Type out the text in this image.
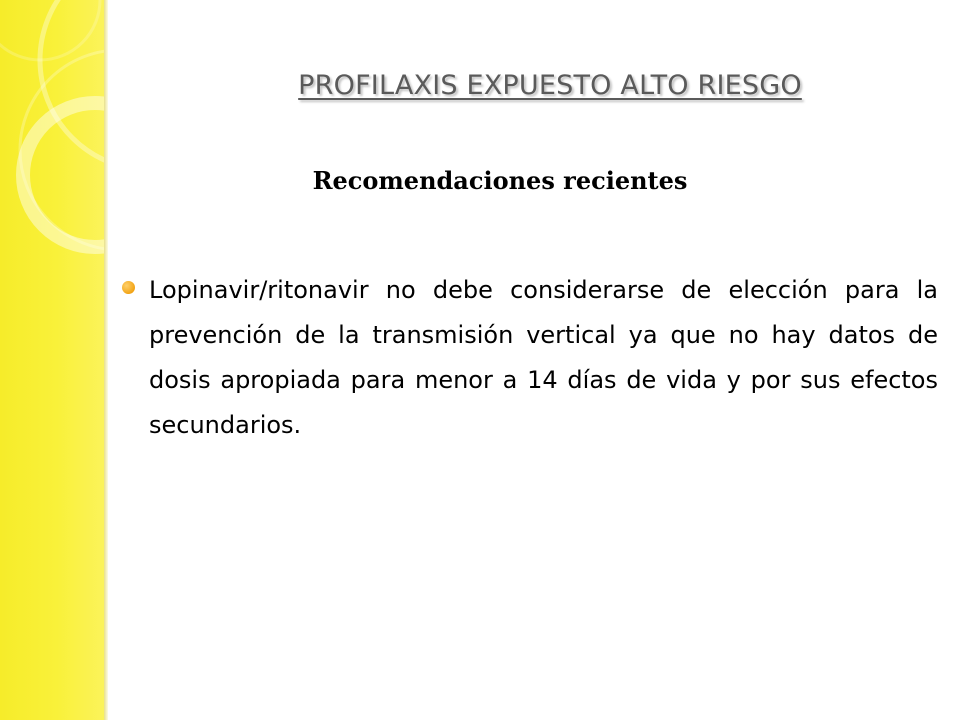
PROFILAXIS EXPUESTO ALTO RIESGO
Recomendaciones recientes
Lopinavir/ritonavir no debe considerarse de elección para la prevención de la transmisión vertical ya que no hay datos de dosis apropiada para menor a 14 días de vida y por sus efectos secundarios.
